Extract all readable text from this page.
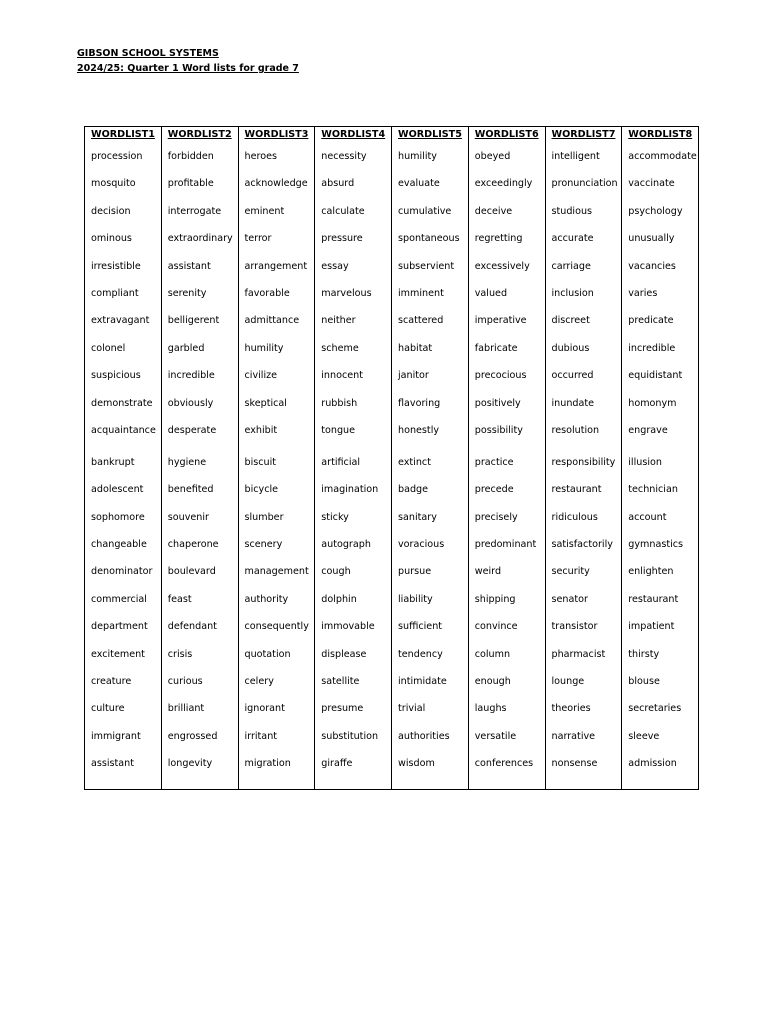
GIBSON SCHOOL SYSTEMS
2024/25: Quarter 1 Word lists for grade 7
WORDLIST1	WORDLIST2	WORDLIST3	WORDLIST4	WORDLIST5	WORDLIST6	WORDLIST7	WORDLIST8
procession	forbidden	heroes	necessity	humility	obeyed	intelligent	accommodate
mosquito	profitable	acknowledge	absurd	evaluate	exceedingly	pronunciation	vaccinate
decision	interrogate	eminent	calculate	cumulative	deceive	studious	psychology
ominous	extraordinary	terror	pressure	spontaneous	regretting	accurate	unusually
irresistible	assistant	arrangement	essay	subservient	excessively	carriage	vacancies
compliant	serenity	favorable	marvelous	imminent	valued	inclusion	varies
extravagant	belligerent	admittance	neither	scattered	imperative	discreet	predicate
colonel	garbled	humility	scheme	habitat	fabricate	dubious	incredible
suspicious	incredible	civilize	innocent	janitor	precocious	occurred	equidistant
demonstrate	obviously	skeptical	rubbish	flavoring	positively	inundate	homonym
acquaintance	desperate	exhibit	tongue	honestly	possibility	resolution	engrave
bankrupt	hygiene	biscuit	artificial	extinct	practice	responsibility	illusion
adolescent	benefited	bicycle	imagination	badge	precede	restaurant	technician
sophomore	souvenir	slumber	sticky	sanitary	precisely	ridiculous	account
changeable	chaperone	scenery	autograph	voracious	predominant	satisfactorily	gymnastics
denominator	boulevard	management	cough	pursue	weird	security	enlighten
commercial	feast	authority	dolphin	liability	shipping	senator	restaurant
department	defendant	consequently	immovable	sufficient	convince	transistor	impatient
excitement	crisis	quotation	displease	tendency	column	pharmacist	thirsty
creature	curious	celery	satellite	intimidate	enough	lounge	blouse
culture	brilliant	ignorant	presume	trivial	laughs	theories	secretaries
immigrant	engrossed	irritant	substitution	authorities	versatile	narrative	sleeve
assistant	longevity	migration	giraffe	wisdom	conferences	nonsense	admission
